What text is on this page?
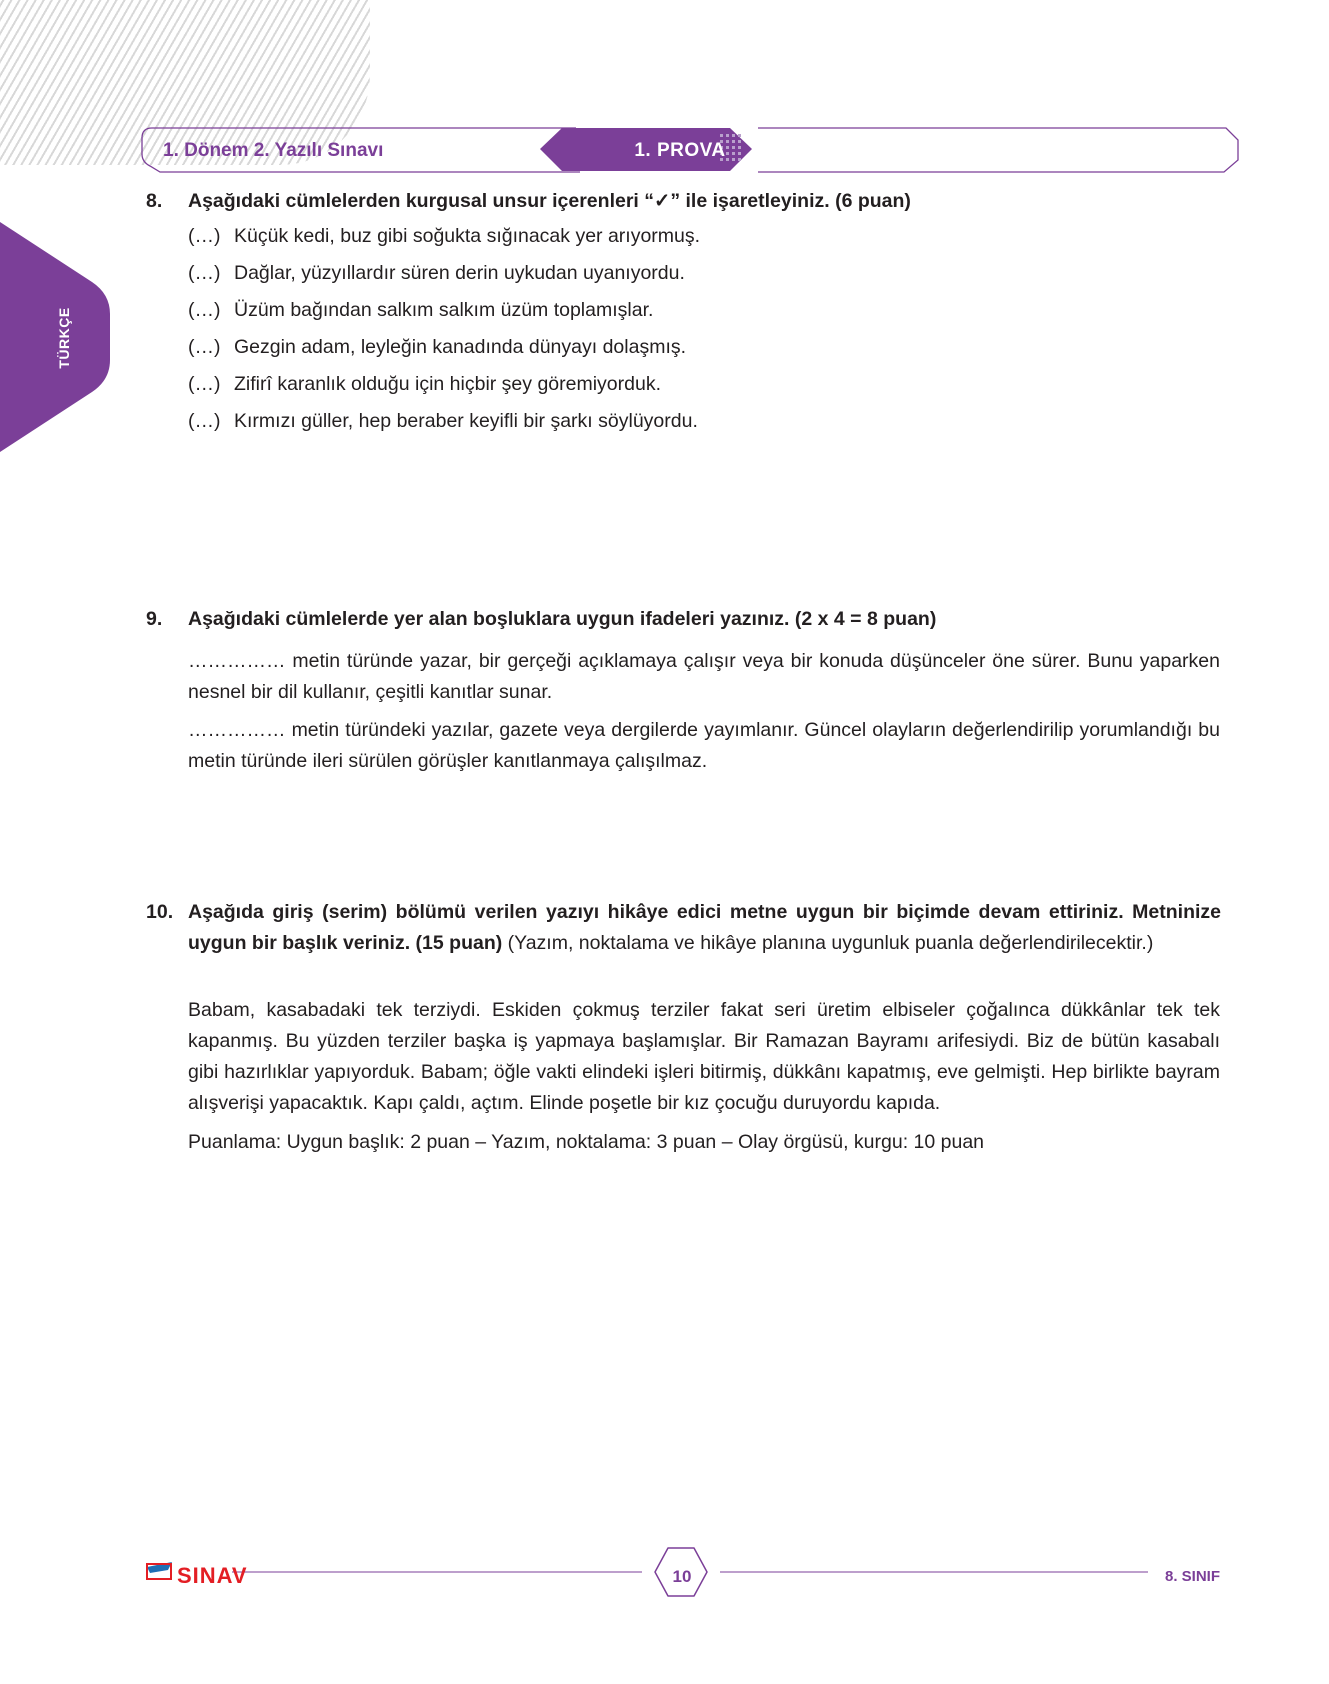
TÜRKÇE
1. Dönem 2. Yazılı Sınavı	1. PROVA
8. Aşağıdaki cümlelerden kurgusal unsur içerenleri “✓” ile işaretleyiniz. (6 puan)
(…) Küçük kedi, buz gibi soğukta sığınacak yer arıyormuş.
(…) Dağlar, yüzyıllardır süren derin uykudan uyanıyordu.
(…) Üzüm bağından salkım salkım üzüm toplamışlar.
(…) Gezgin adam, leyleğin kanadında dünyayı dolaşmış.
(…) Zifirî karanlık olduğu için hiçbir şey göremiyorduk.
(…) Kırmızı güller, hep beraber keyifli bir şarkı söylüyordu.
9. Aşağıdaki cümlelerde yer alan boşluklara uygun ifadeleri yazınız. (2 x 4 = 8 puan)
…………… metin türünde yazar, bir gerçeği açıklamaya çalışır veya bir konuda düşünceler öne sürer. Bunu yaparken nesnel bir dil kullanır, çeşitli kanıtlar sunar.
…………… metin türündeki yazılar, gazete veya dergilerde yayımlanır. Güncel olayların değerlendirilip yorumlandığı bu metin türünde ileri sürülen görüşler kanıtlanmaya çalışılmaz.
10. Aşağıda giriş (serim) bölümü verilen yazıyı hikâye edici metne uygun bir biçimde devam ettiriniz. Metninize uygun bir başlık veriniz. (15 puan) (Yazım, noktalama ve hikâye planına uygunluk puanla değerlendirilecektir.)
Babam, kasabadaki tek terziydi. Eskiden çokmuş terziler fakat seri üretim elbiseler çoğalınca dükkânlar tek tek kapanmış. Bu yüzden terziler başka iş yapmaya başlamışlar. Bir Ramazan Bayramı arifesiydi. Biz de bütün kasabalı gibi hazırlıklar yapıyorduk. Babam; öğle vakti elindeki işleri bitirmiş, dükkânı kapatmış, eve gelmişti. Hep birlikte bayram alışverişi yapacaktık. Kapı çaldı, açtım. Elinde poşetle bir kız çocuğu duruyordu kapıda.
Puanlama: Uygun başlık: 2 puan – Yazım, noktalama: 3 puan – Olay örgüsü, kurgu: 10 puan
SINAV	10	8. SINIF
